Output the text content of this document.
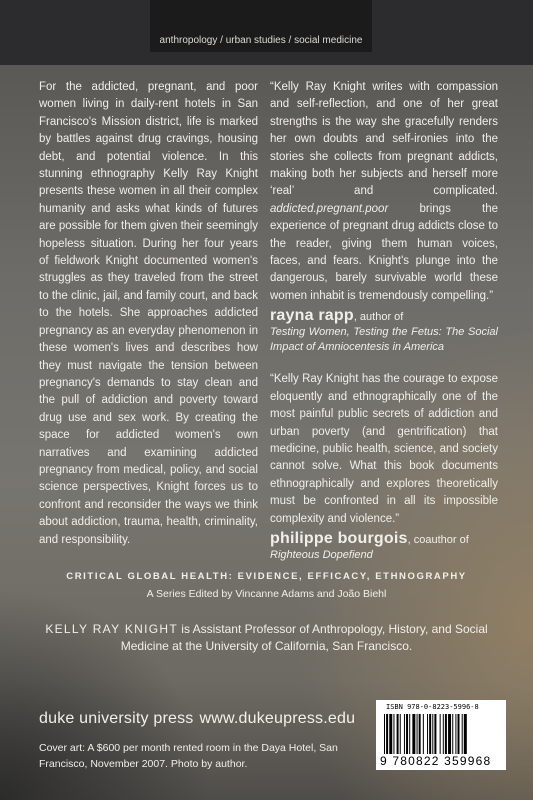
anthropology / urban studies / social medicine
For the addicted, pregnant, and poor women living in daily-rent hotels in San Francisco's Mission district, life is marked by battles against drug cravings, housing debt, and potential violence. In this stunning ethnography Kelly Ray Knight presents these women in all their complex humanity and asks what kinds of futures are possible for them given their seemingly hopeless situation. During her four years of fieldwork Knight documented women's struggles as they traveled from the street to the clinic, jail, and family court, and back to the hotels. She approaches addicted pregnancy as an everyday phenomenon in these women's lives and describes how they must navigate the tension between pregnancy's demands to stay clean and the pull of addiction and poverty toward drug use and sex work. By creating the space for addicted women's own narratives and examining addicted pregnancy from medical, policy, and social science perspectives, Knight forces us to confront and reconsider the ways we think about addiction, trauma, health, criminality, and responsibility.

“Kelly Ray Knight writes with compassion and self-reflection, and one of her great strengths is the way she gracefully renders her own doubts and self-ironies into the stories she collects from pregnant addicts, making both her subjects and herself more ‘real’ and complicated. addicted.pregnant.poor brings the experience of pregnant drug addicts close to the reader, giving them human voices, faces, and fears. Knight's plunge into the dangerous, barely survivable world these women inhabit is tremendously compelling.”

rayna rapp, author of
Testing Women, Testing the Fetus: The Social Impact of Amniocentesis in America

“Kelly Ray Knight has the courage to expose eloquently and ethnographically one of the most painful public secrets of addiction and urban poverty (and gentrification) that medicine, public health, science, and society cannot solve. What this book documents ethnographically and explores theoretically must be confronted in all its impossible complexity and violence.”

philippe bourgois, coauthor of
Righteous Dopefiend
CRITICAL GLOBAL HEALTH: EVIDENCE, EFFICACY, ETHNOGRAPHY
A Series Edited by Vincanne Adams and João Biehl
KELLY RAY KNIGHT is Assistant Professor of Anthropology, History, and Social Medicine at the University of California, San Francisco.
duke university press www.dukeupress.edu
Cover art: A $600 per month rented room in the Daya Hotel, San Francisco, November 2007. Photo by author.
ISBN 978-0-8223-5996-8
9 780822 359968
